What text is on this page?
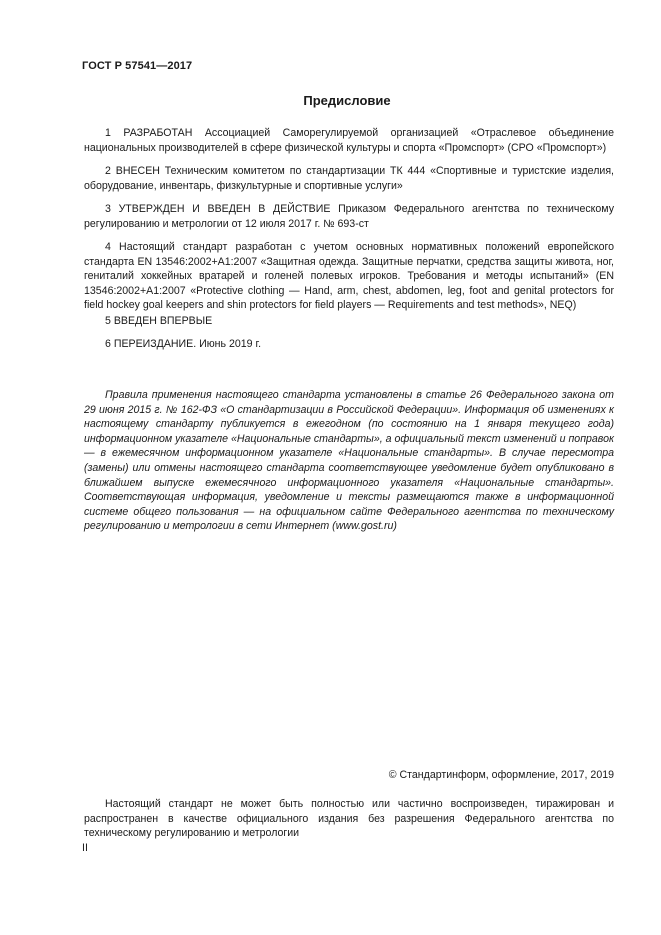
ГОСТ Р 57541—2017
Предисловие

1 РАЗРАБОТАН Ассоциацией Саморегулируемой организацией «Отраслевое объединение национальных производителей в сфере физической культуры и спорта «Промспорт» (СРО «Промспорт»)

2 ВНЕСЕН Техническим комитетом по стандартизации ТК 444 «Спортивные и туристские изделия, оборудование, инвентарь, физкультурные и спортивные услуги»

3 УТВЕРЖДЕН И ВВЕДЕН В ДЕЙСТВИЕ Приказом Федерального агентства по техническому регулированию и метрологии от 12 июля 2017 г. № 693-ст

4 Настоящий стандарт разработан с учетом основных нормативных положений европейского стандарта EN 13546:2002+A1:2007 «Защитная одежда. Защитные перчатки, средства защиты живота, ног, гениталий хоккейных вратарей и голеней полевых игроков. Требования и методы испытаний» (EN 13546:2002+A1:2007 «Protective clothing — Hand, arm, chest, abdomen, leg, foot and genital protectors for field hockey goal keepers and shin protectors for field players — Requirements and test methods», NEQ)

5 ВВЕДЕН ВПЕРВЫЕ

6 ПЕРЕИЗДАНИЕ. Июнь 2019 г.

Правила применения настоящего стандарта установлены в статье 26 Федерального закона от 29 июня 2015 г. № 162-ФЗ «О стандартизации в Российской Федерации». Информация об изменениях к настоящему стандарту публикуется в ежегодном (по состоянию на 1 января текущего года) информационном указателе «Национальные стандарты», а официальный текст изменений и поправок — в ежемесячном информационном указателе «Национальные стандарты». В случае пересмотра (замены) или отмены настоящего стандарта соответствующее уведомление будет опубликовано в ближайшем выпуске ежемесячного информационного указателя «Национальные стандарты». Соответствующая информация, уведомление и тексты размещаются также в информационной системе общего пользования — на официальном сайте Федерального агентства по техническому регулированию и метрологии в сети Интернет (www.gost.ru)

© Стандартинформ, оформление, 2017, 2019

Настоящий стандарт не может быть полностью или частично воспроизведен, тиражирован и распространен в качестве официального издания без разрешения Федерального агентства по техническому регулированию и метрологии

II
